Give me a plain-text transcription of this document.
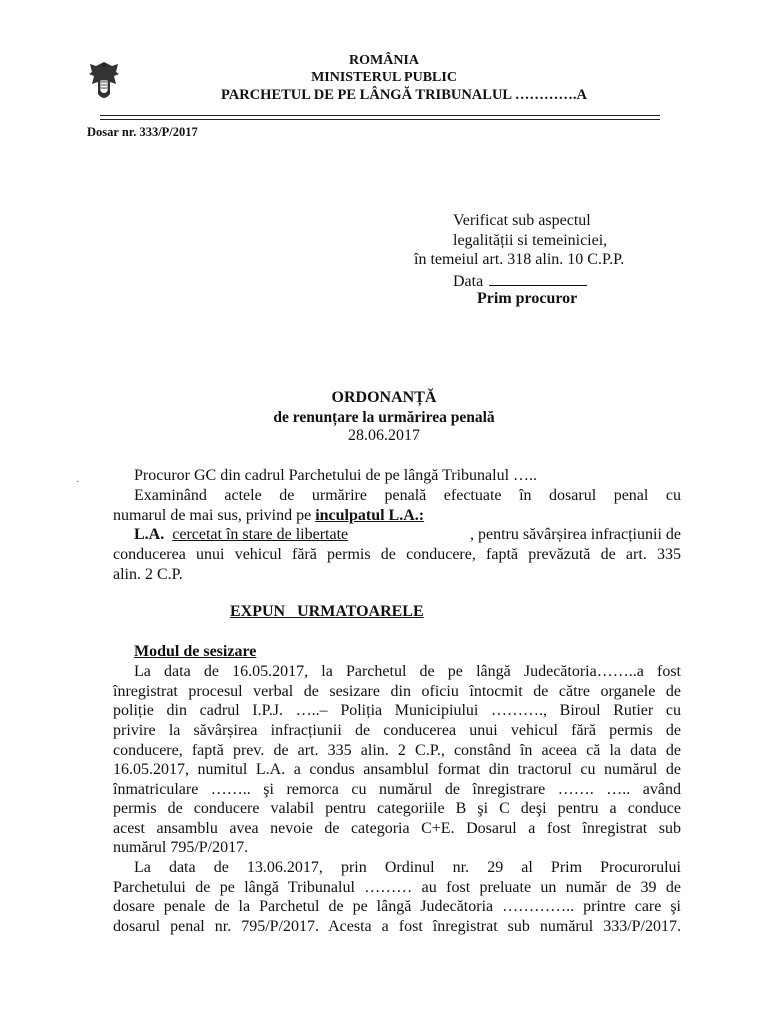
ROMÂNIA
MINISTERUL PUBLIC
PARCHETUL DE PE LÂNGĂ TRIBUNALUL ………….A
Dosar nr. 333/P/2017
Verificat sub aspectul
legalității si temeiniciei,
în temeiul art. 318 alin. 10 C.P.P.
Data
Prim procuror
ORDONANȚĂ
de renunțare la urmărirea penală
28.06.2017
·	Procuror GC din cadrul Parchetului de pe lângă Tribunalul …..
Examinând actele de urmărire penală efectuate în dosarul penal cu
numarul de mai sus, privind pe inculpatul L.A.:
L.A. cercetat în stare de libertate	, pentru săvârșirea infracțiunii de
conducerea unui vehicul fără permis de conducere, faptă prevăzută de art. 335
alin. 2 C.P.
EXPUN URMATOARELE
Modul de sesizare
La data de 16.05.2017, la Parchetul de pe lângă Judecătoria……..a fost
înregistrat procesul verbal de sesizare din oficiu întocmit de către organele de
poliție din cadrul I.P.J. …..– Poliția Municipiului ………., Biroul Rutier cu
privire la săvârșirea infracțiunii de conducerea unui vehicul fără permis de
conducere, faptă prev. de art. 335 alin. 2 C.P., constând în aceea că la data de
16.05.2017, numitul L.A. a condus ansamblul format din tractorul cu numărul de
înmatriculare …….. şi remorca cu numărul de înregistrare ……. ….. având
permis de conducere valabil pentru categoriile B şi C deşi pentru a conduce
acest ansamblu avea nevoie de categoria C+E. Dosarul a fost înregistrat sub
numărul 795/P/2017.
La data de 13.06.2017, prin Ordinul nr. 29 al Prim Procurorului
Parchetului de pe lângă Tribunalul ……… au fost preluate un număr de 39 de
dosare penale de la Parchetul de pe lângă Judecătoria ………….. printre care şi
dosarul penal nr. 795/P/2017. Acesta a fost înregistrat sub numărul 333/P/2017.
